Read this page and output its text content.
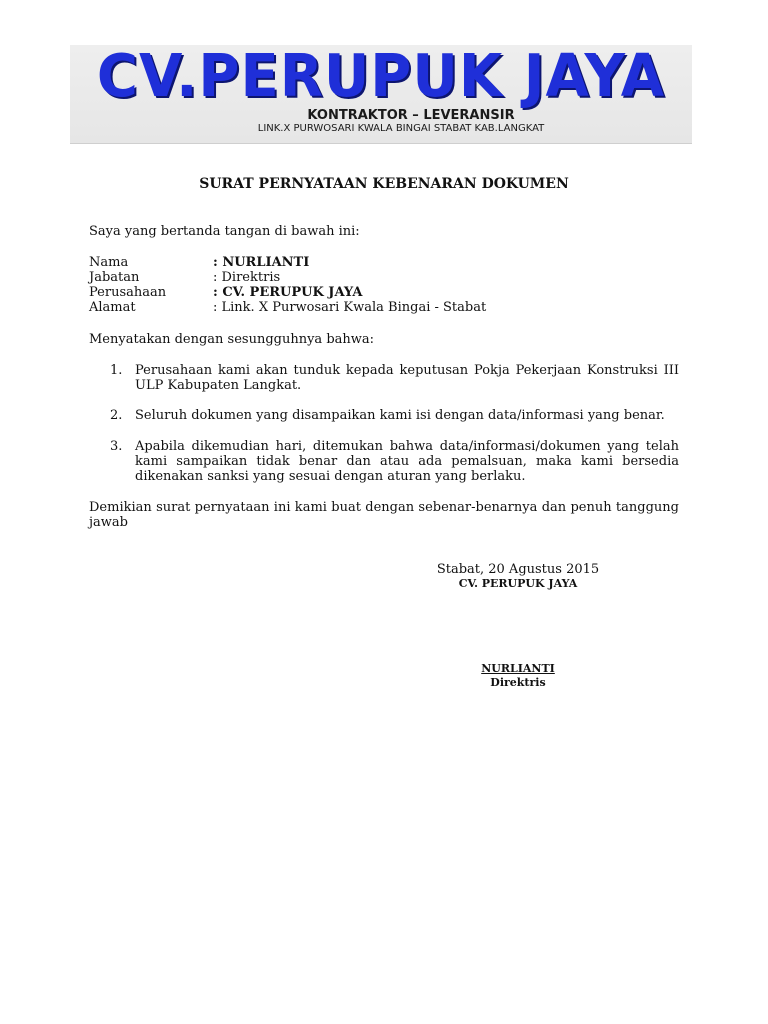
CV.PERUPUK JAYA
KONTRAKTOR – LEVERANSIR
LINK.X PURWOSARI KWALA BINGAI STABAT KAB.LANGKAT
SURAT PERNYATAAN KEBENARAN DOKUMEN
Saya yang bertanda tangan di bawah ini:
Nama	: NURLIANTI
Jabatan	: Direktris
Perusahaan	: CV. PERUPUK JAYA
Alamat	: Link. X Purwosari Kwala Bingai - Stabat
Menyatakan dengan sesungguhnya bahwa:
1. Perusahaan kami akan tunduk kepada keputusan Pokja Pekerjaan Konstruksi III ULP Kabupaten Langkat.
2. Seluruh dokumen yang disampaikan kami isi dengan data/informasi yang benar.
3. Apabila dikemudian hari, ditemukan bahwa data/informasi/dokumen yang telah kami sampaikan tidak benar dan atau ada pemalsuan, maka kami bersedia dikenakan sanksi yang sesuai dengan aturan yang berlaku.
Demikian surat pernyataan ini kami buat dengan sebenar-benarnya dan penuh tanggung jawab
Stabat, 20 Agustus 2015
CV. PERUPUK JAYA
NURLIANTI
Direktris
